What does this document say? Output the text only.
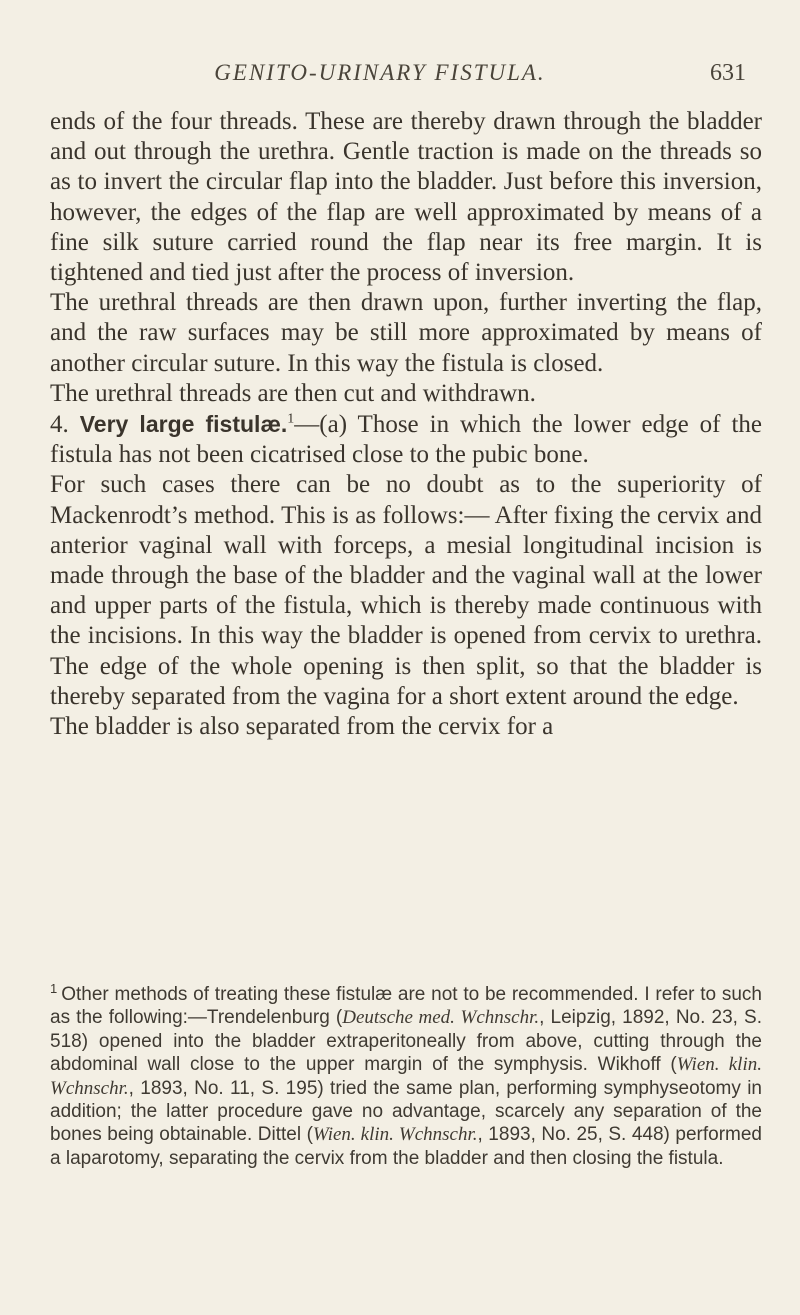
GENITO-URINARY FISTULA.	631

ends of the four threads. These are thereby drawn through the bladder and out through the urethra. Gentle traction is made on the threads so as to invert the circular flap into the bladder. Just before this inversion, however, the edges of the flap are well approximated by means of a fine silk suture carried round the flap near its free margin. It is tightened and tied just after the process of inversion.

The urethral threads are then drawn upon, further inverting the flap, and the raw surfaces may be still more approximated by means of another circular suture. In this way the fistula is closed.

The urethral threads are then cut and withdrawn.

4. Very large fistulæ.$^1$—(a) Those in which the lower edge of the fistula has not been cicatrised close to the pubic bone.

For such cases there can be no doubt as to the superiority of Mackenrodt’s method. This is as follows:— After fixing the cervix and anterior vaginal wall with forceps, a mesial longitudinal incision is made through the base of the bladder and the vaginal wall at the lower and upper parts of the fistula, which is thereby made continuous with the incisions. In this way the bladder is opened from cervix to urethra. The edge of the whole opening is then split, so that the bladder is thereby separated from the vagina for a short extent around the edge.

The bladder is also separated from the cervix for a

$^1$ Other methods of treating these fistulæ are not to be recommended. I refer to such as the following:—Trendelenburg (Deutsche med. Wchnschr., Leipzig, 1892, No. 23, S. 518) opened into the bladder extraperitoneally from above, cutting through the abdominal wall close to the upper margin of the symphysis. Wikhoff (Wien. klin. Wchnschr., 1893, No. 11, S. 195) tried the same plan, performing symphyseotomy in addition; the latter procedure gave no advantage, scarcely any separation of the bones being obtainable. Dittel (Wien. klin. Wchnschr., 1893, No. 25, S. 448) performed a laparotomy, separating the cervix from the bladder and then closing the fistula.
